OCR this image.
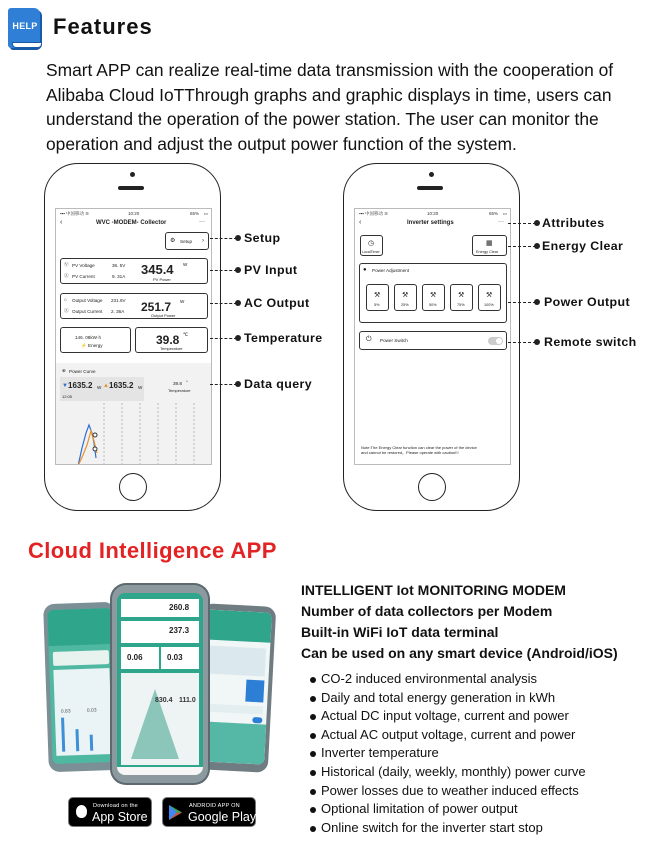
HELP Features
Smart APP can realize real-time data transmission with the cooperation of Alibaba Cloud IoTThrough graphs and graphic displays in time, users can understand the operation of the power station. The user can monitor the operation and adjust the output power function of the system.
▪▪▪ 中国移动 ≋	10:20	65% ▭
‹	WVC -MODEM- Collector	···
⚙ Setup ›
Ⓥ PV Voltage	36. 5V
Ⓐ PV Current	9. 31A 345.4 W
PV Power
⌂ Output Voltage 231.6V
Ⓐ Output Current 2. 36A 251.7 W
Output Power
146. 08kW·h
⚡ Energy	39.8 ℃
Temperature
⊕ Power Curve
▼ 1635.2 W ▲ 1635.2 W
12:05
39.8 °
Temperature
Setup
PV Input
AC Output
Temperature
Data query
▪▪▪ 中国移动 ≋	10:20	65% ▭
‹	Inverter settings	···
◷
LocalTimer
▦
Energy Clear
● Power Adjustment
⚒
5%
⚒
25%
⚒
50%
⚒
75%
⚒
100%
⏻ Power Switch
Note:The Energy Clear function can clear the power of the device and cannot be restored。Please operate with caution!!!
Attributes
Energy Clear
Power Output
Remote switch
Cloud Intelligence APP
0.83	0.03
260.8
237.3
0.06	0.03
830.4 111.0
Download on the
App Store
ANDROID APP ON
Google Play
INTELLIGENT Iot MONITORING MODEM
Number of data collectors per Modem
Built-in WiFi IoT data terminal
Can be used on any smart device (Android/iOS)
CO-2 induced environmental analysis
Daily and total energy generation in kWh
Actual DC input voltage, current and power
Actual AC output voltage, current and power
Inverter temperature
Historical (daily, weekly, monthly) power curve
Power losses due to weather induced effects
Optional limitation of power output
Online switch for the inverter start stop
